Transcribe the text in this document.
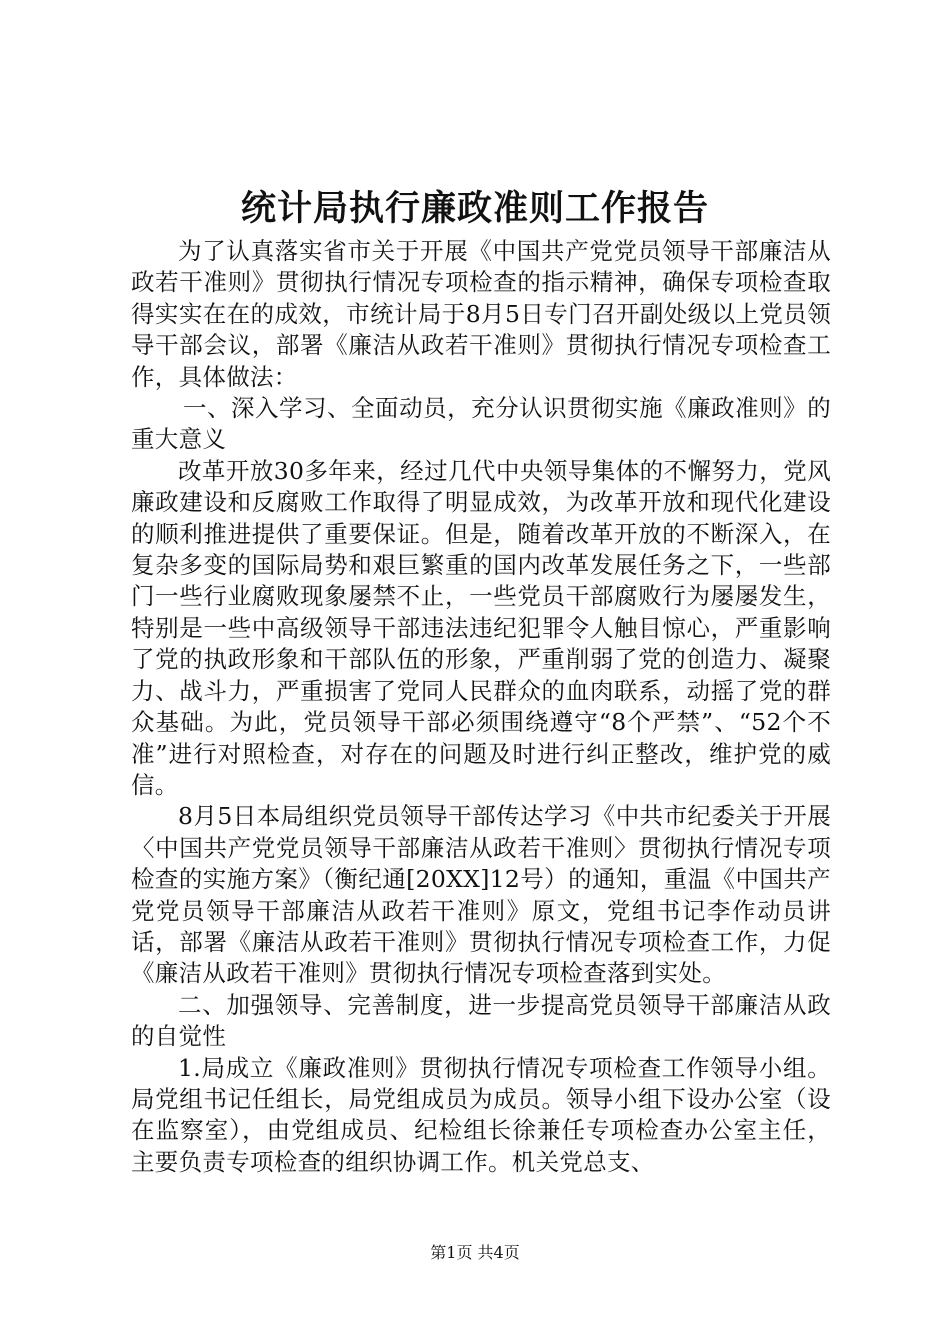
统计局执行廉政准则工作报告

为了认真落实省市关于开展《中国共产党党员领导干部廉洁从政若干准则》贯彻执行情况专项检查的指示精神，确保专项检查取得实实在在的成效，市统计局于8月5日专门召开副处级以上党员领导干部会议，部署《廉洁从政若干准则》贯彻执行情况专项检查工作，具体做法：

一、深入学习、全面动员，充分认识贯彻实施《廉政准则》的重大意义

改革开放30多年来，经过几代中央领导集体的不懈努力，党风廉政建设和反腐败工作取得了明显成效，为改革开放和现代化建设的顺利推进提供了重要保证。但是，随着改革开放的不断深入，在复杂多变的国际局势和艰巨繁重的国内改革发展任务之下，一些部门一些行业腐败现象屡禁不止，一些党员干部腐败行为屡屡发生，特别是一些中高级领导干部违法违纪犯罪令人触目惊心，严重影响了党的执政形象和干部队伍的形象，严重削弱了党的创造力、凝聚力、战斗力，严重损害了党同人民群众的血肉联系，动摇了党的群众基础。为此，党员领导干部必须围绕遵守“8个严禁”、“52个不准”进行对照检查，对存在的问题及时进行纠正整改，维护党的威信。

8月5日本局组织党员领导干部传达学习《中共市纪委关于开展〈中国共产党党员领导干部廉洁从政若干准则〉贯彻执行情况专项检查的实施方案》（衡纪通[20XX]12号）的通知，重温《中国共产党党员领导干部廉洁从政若干准则》原文，党组书记李作动员讲话，部署《廉洁从政若干准则》贯彻执行情况专项检查工作，力促《廉洁从政若干准则》贯彻执行情况专项检查落到实处。

二、加强领导、完善制度，进一步提高党员领导干部廉洁从政的自觉性

1.局成立《廉政准则》贯彻执行情况专项检查工作领导小组。局党组书记任组长，局党组成员为成员。领导小组下设办公室（设在监察室），由党组成员、纪检组长徐兼任专项检查办公室主任，主要负责专项检查的组织协调工作。机关党总支、

第1页 共4页
